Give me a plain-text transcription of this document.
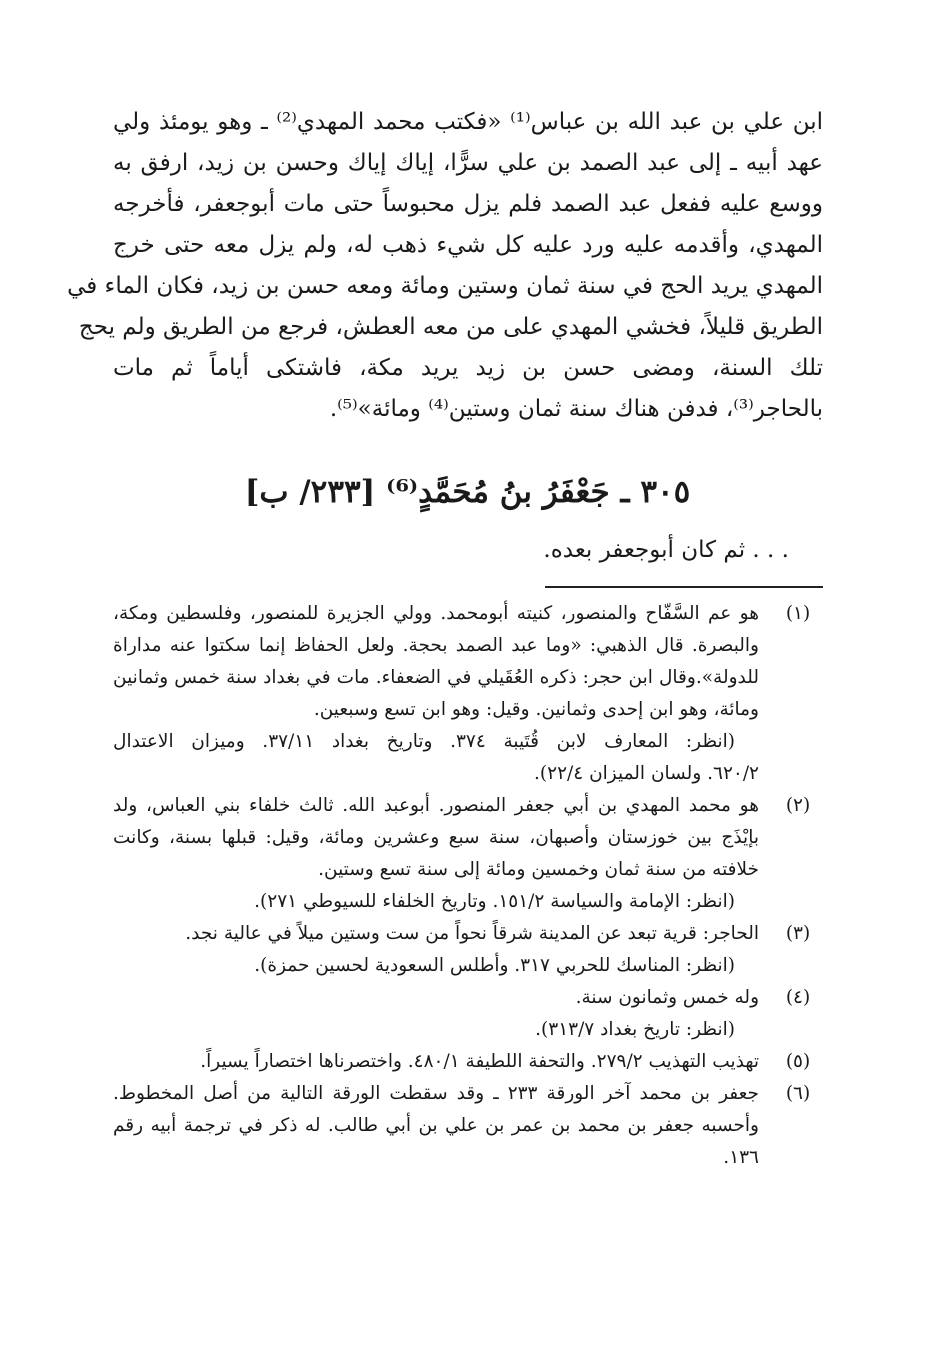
ابن علي بن عبد الله بن عباس⁽¹⁾ «فكتب محمد المهدي⁽²⁾ ـ وهو يومئذ ولي
عهد أبيه ـ إلى عبد الصمد بن علي سرًّا، إياك إياك وحسن بن زيد، ارفق به
ووسع عليه ففعل عبد الصمد فلم يزل محبوساً حتى مات أبوجعفر، فأخرجه
المهدي، وأقدمه عليه ورد عليه كل شيء ذهب له، ولم يزل معه حتى خرج
المهدي يريد الحج في سنة ثمان وستين ومائة ومعه حسن بن زيد، فكان الماء في
الطريق قليلاً، فخشي المهدي على من معه العطش، فرجع من الطريق ولم يحج
تلك السنة، ومضى حسن بن زيد يريد مكة، فاشتكى أياماً ثم مات
بالحاجر⁽³⁾، فدفن هناك سنة ثمان وستين⁽⁴⁾ ومائة»⁽⁵⁾.
٣٠٥ ـ جَعْفَرُ بنُ مُحَمَّدٍ⁽⁶⁾ [٢٣٣/ ب]
. . . ثم كان أبوجعفر بعده.
(١)
هو عم السَّفّاح والمنصور، كنيته أبومحمد. وولي الجزيرة للمنصور، وفلسطين ومكة،
والبصرة. قال الذهبي: «وما عبد الصمد بحجة. ولعل الحفاظ إنما سكتوا عنه مداراة
للدولة».وقال ابن حجر: ذكره العُقَيلي في الضعفاء. مات في بغداد سنة خمس وثمانين
ومائة، وهو ابن إحدى وثمانين. وقيل: وهو ابن تسع وسبعين.
(انظر: المعارف لابن قُتَيبة ٣٧٤. وتاريخ بغداد ٣٧/١١. وميزان الاعتدال
٦٢٠/٢. ولسان الميزان ٢٢/٤).
(٢)
هو محمد المهدي بن أبي جعفر المنصور. أبوعبد الله. ثالث خلفاء بني العباس، ولد
بإيْذَج بين خوزستان وأصبهان، سنة سبع وعشرين ومائة، وقيل: قبلها بسنة، وكانت
خلافته من سنة ثمان وخمسين ومائة إلى سنة تسع وستين.
(انظر: الإمامة والسياسة ١٥١/٢. وتاريخ الخلفاء للسيوطي ٢٧١).
(٣)
الحاجر: قرية تبعد عن المدينة شرقاً نحواً من ست وستين ميلاً في عالية نجد.
(انظر: المناسك للحربي ٣١٧. وأطلس السعودية لحسين حمزة).
(٤)
وله خمس وثمانون سنة.
(انظر: تاريخ بغداد ٣١٣/٧).
(٥)
تهذيب التهذيب ٢٧٩/٢. والتحفة اللطيفة ٤٨٠/١. واختصرناها اختصاراً يسيراً.
(٦)
جعفر بن محمد آخر الورقة ٢٣٣ ـ وقد سقطت الورقة التالية من أصل المخطوط.
وأحسبه جعفر بن محمد بن عمر بن علي بن أبي طالب. له ذكر في ترجمة أبيه رقم
١٣٦.
